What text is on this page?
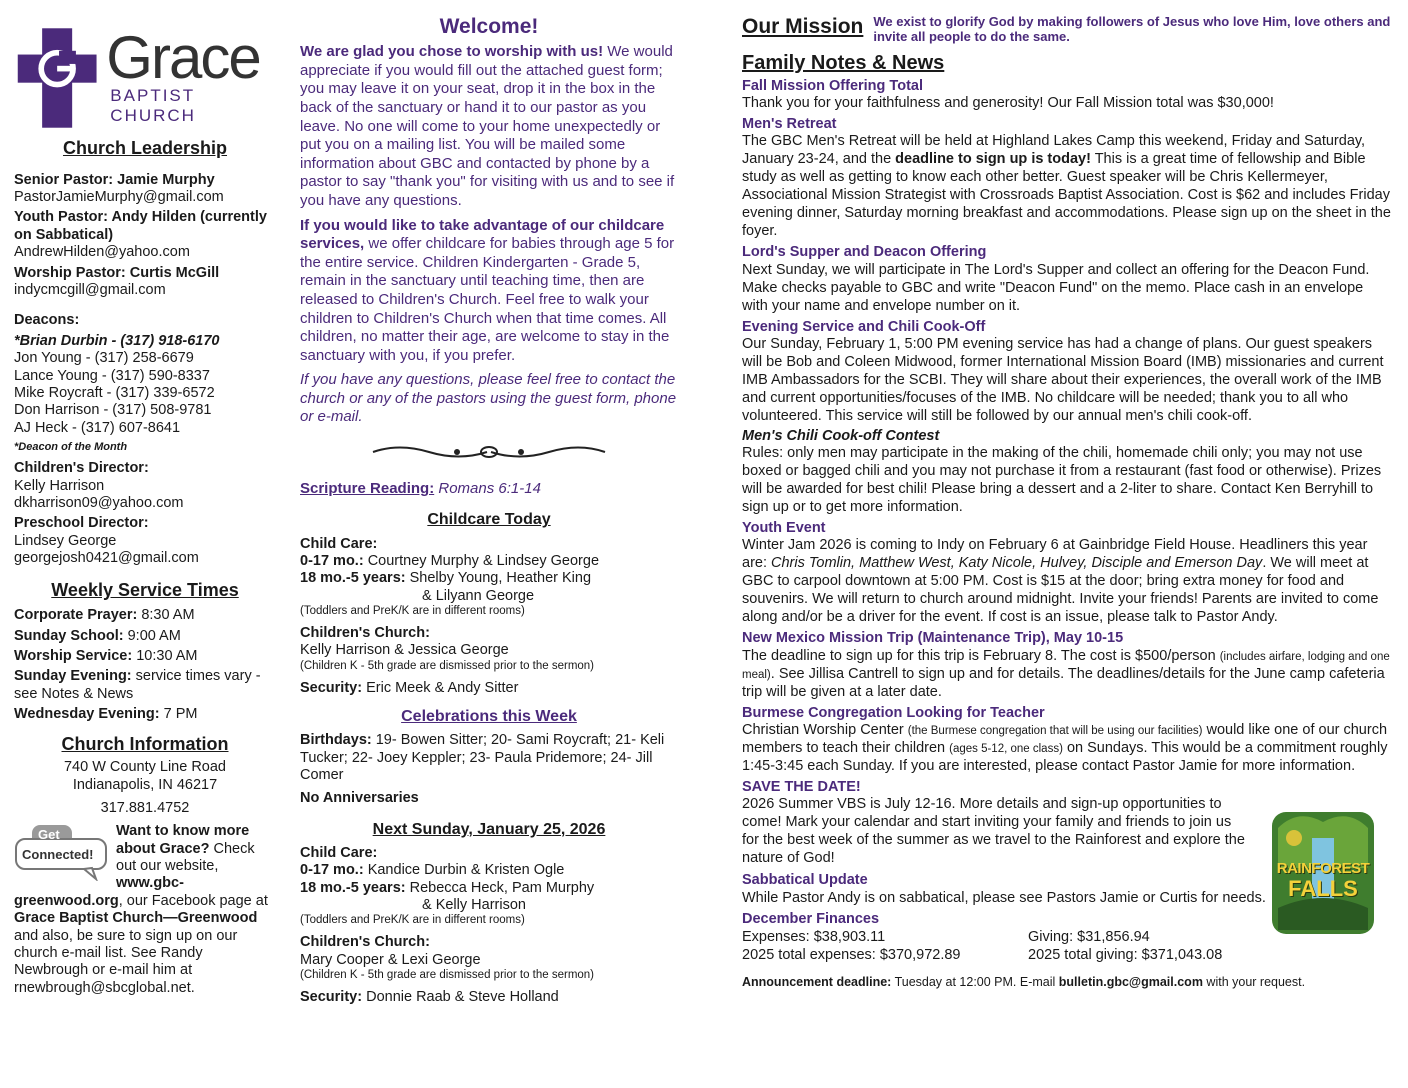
Grace
BAPTIST CHURCH
Church Leadership
Senior Pastor: Jamie Murphy
PastorJamieMurphy@gmail.com
Youth Pastor: Andy Hilden (currently on Sabbatical)
AndrewHilden@yahoo.com
Worship Pastor: Curtis McGill
indycmcgill@gmail.com
Deacons:
*Brian Durbin - (317) 918-6170
Jon Young - (317) 258-6679
Lance Young - (317) 590-8337
Mike Roycraft - (317) 339-6572
Don Harrison - (317) 508-9781
AJ Heck - (317) 607-8641
*Deacon of the Month
Children's Director:
Kelly Harrison
dkharrison09@yahoo.com
Preschool Director:
Lindsey George
georgejosh0421@gmail.com
Weekly Service Times
Corporate Prayer: 8:30 AM
Sunday School: 9:00 AM
Worship Service: 10:30 AM
Sunday Evening: service times vary - see Notes & News
Wednesday Evening: 7 PM
Church Information
740 W County Line Road
Indianapolis, IN 46217
317.881.4752
Get
Connected!
Want to know more about Grace? Check out our website, www.gbc-greenwood.org, our Facebook page at Grace Baptist Church—Greenwood and also, be sure to sign up on our church e-mail list. See Randy Newbrough or e-mail him at rnewbrough@sbcglobal.net.
Welcome!
We are glad you chose to worship with us! We would appreciate if you would fill out the attached guest form; you may leave it on your seat, drop it in the box in the back of the sanctuary or hand it to our pastor as you leave. No one will come to your home unexpectedly or put you on a mailing list. You will be mailed some information about GBC and contacted by phone by a pastor to say "thank you" for visiting with us and to see if you have any questions.
If you would like to take advantage of our childcare services, we offer childcare for babies through age 5 for the entire service. Children Kindergarten - Grade 5, remain in the sanctuary until teaching time, then are released to Children's Church. Feel free to walk your children to Children's Church when that time comes. All children, no matter their age, are welcome to stay in the sanctuary with you, if you prefer.
If you have any questions, please feel free to contact the church or any of the pastors using the guest form, phone or e-mail.
Scripture Reading: Romans 6:1-14
Childcare Today
Child Care:
0-17 mo.: Courtney Murphy & Lindsey George
18 mo.-5 years: Shelby Young, Heather King
& Lilyann George
(Toddlers and PreK/K are in different rooms)
Children's Church:
Kelly Harrison & Jessica George
(Children K - 5th grade are dismissed prior to the sermon)
Security: Eric Meek & Andy Sitter
Celebrations this Week
Birthdays: 19- Bowen Sitter; 20- Sami Roycraft; 21- Keli Tucker; 22- Joey Keppler; 23- Paula Pridemore; 24- Jill Comer
No Anniversaries
Next Sunday, January 25, 2026
Child Care:
0-17 mo.: Kandice Durbin & Kristen Ogle
18 mo.-5 years: Rebecca Heck, Pam Murphy
& Kelly Harrison
(Toddlers and PreK/K are in different rooms)
Children's Church:
Mary Cooper & Lexi George
(Children K - 5th grade are dismissed prior to the sermon)
Security: Donnie Raab & Steve Holland
Our Mission We exist to glorify God by making followers of Jesus who love Him, love others and invite all people to do the same.
Family Notes & News
Fall Mission Offering Total
Thank you for your faithfulness and generosity! Our Fall Mission total was $30,000!
Men's Retreat
The GBC Men's Retreat will be held at Highland Lakes Camp this weekend, Friday and Saturday, January 23-24, and the deadline to sign up is today! This is a great time of fellowship and Bible study as well as getting to know each other better. Guest speaker will be Chris Kellermeyer, Associational Mission Strategist with Crossroads Baptist Association. Cost is $62 and includes Friday evening dinner, Saturday morning breakfast and accommodations. Please sign up on the sheet in the foyer.
Lord's Supper and Deacon Offering
Next Sunday, we will participate in The Lord's Supper and collect an offering for the Deacon Fund. Make checks payable to GBC and write "Deacon Fund" on the memo. Place cash in an envelope with your name and envelope number on it.
Evening Service and Chili Cook-Off
Our Sunday, February 1, 5:00 PM evening service has had a change of plans. Our guest speakers will be Bob and Coleen Midwood, former International Mission Board (IMB) missionaries and current IMB Ambassadors for the SCBI. They will share about their experiences, the overall work of the IMB and current opportunities/focuses of the IMB. No childcare will be needed; thank you to all who volunteered. This service will still be followed by our annual men's chili cook-off.
Men's Chili Cook-off Contest
Rules: only men may participate in the making of the chili, homemade chili only; you may not use boxed or bagged chili and you may not purchase it from a restaurant (fast food or otherwise). Prizes will be awarded for best chili! Please bring a dessert and a 2-liter to share. Contact Ken Berryhill to sign up or to get more information.
Youth Event
Winter Jam 2026 is coming to Indy on February 6 at Gainbridge Field House. Headliners this year are: Chris Tomlin, Matthew West, Katy Nicole, Hulvey, Disciple and Emerson Day. We will meet at GBC to carpool downtown at 5:00 PM. Cost is $15 at the door; bring extra money for food and souvenirs. We will return to church around midnight. Invite your friends! Parents are invited to come along and/or be a driver for the event. If cost is an issue, please talk to Pastor Andy.
New Mexico Mission Trip (Maintenance Trip), May 10-15
The deadline to sign up for this trip is February 8. The cost is $500/person (includes airfare, lodging and one meal). See Jillisa Cantrell to sign up and for details. The deadlines/details for the June camp cafeteria trip will be given at a later date.
Burmese Congregation Looking for Teacher
Christian Worship Center (the Burmese congregation that will be using our facilities) would like one of our church members to teach their children (ages 5-12, one class) on Sundays. This would be a commitment roughly 1:45-3:45 each Sunday. If you are interested, please contact Pastor Jamie for more information.
SAVE THE DATE!
2026 Summer VBS is July 12-16. More details and sign-up opportunities to come! Mark your calendar and start inviting your family and friends to join us for the best week of the summer as we travel to the Rainforest and explore the nature of God!
Sabbatical Update
While Pastor Andy is on sabbatical, please see Pastors Jamie or Curtis for needs.
December Finances
Expenses: $38,903.11	Giving: $31,856.94
2025 total expenses: $370,972.89	2025 total giving: $371,043.08
Announcement deadline: Tuesday at 12:00 PM. E-mail bulletin.gbc@gmail.com with your request.
RAINFOREST
FALLS
